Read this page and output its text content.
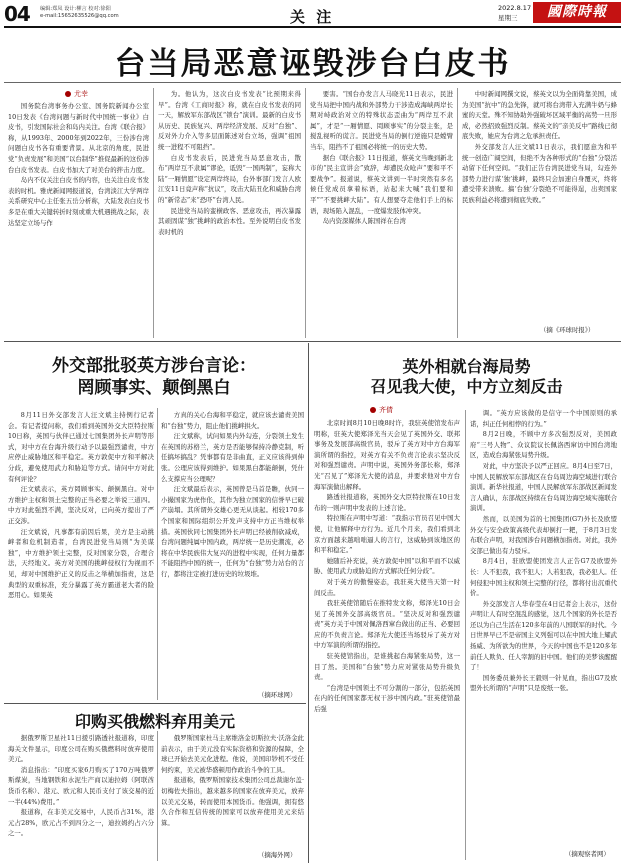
04 编辑:郑凤 设计:柳言 校对:徐阳
e-mail:15652635526@qq.com	关 注	2022.8.17
星期三	國際時報
台当局恶意诬毁涉台白皮书
尤幸

国务院台湾事务办公室、国务院新闻办公室10日发表《台湾问题与新时代中国统一事业》白皮书，引发国际社会和岛内关注。台湾《联合报》称，从1993年、2000年到2022年，三份涉台湾问题白皮书各有重要背景。从北京的角度，民进党“负责发展”和美国“以台制华”推促最新的这份涉台白皮书发表。白皮书加大了对美台的拌击力度。

岛内不仅关注白皮书的内容，也关注白皮书发表的时机。雅虎新闻网报道说，台湾淡江大学两岸关系研究中心主任张五岳分析称，大陆发表白皮书多是在重大关键转折时刻或重大机遇挑战之际，表达坚定立场与作

为。他认为，这次白皮书发表“比预期来得早”。台湾《工商时报》称，就在白皮书发表的同一天，解放军东部战区“锁台”演训。最新的白皮书从历史、民族复兴、两岸经济发展、反对“台独”、反对外力介入等多层面陈述对台立场，强调“祖国统一进程不可阻挡”。

白皮书发表后，民进党当局恶意攻击，散布“两岸互不隶属”谬论，诋毁“一国两制”，妄称大陆“一厢情愿”设定两岸终局，台外事部门发言人欧江安11日竟声称“抗议”，攻击大陆丑化和威胁台湾的“新常态”来“恐吓”台湾人民。

民进党当局的蛮横政客、恶意攻击，再次暴露其顽固谋“独”挑衅的政治本性。至外说明白皮书发表时机的

要害。“国台办发言人马晓光11日表示，民进党当局把中国内战和外部势力干涉造成海峡两岸长期对峙政治对立的特殊状态歪曲为“两岸互不隶属”，才是“一厢情愿、罔顾事实”的分裂主张，是搅乱视听的谎言。民进党当局的倒行逆施只是螳臂当车，阻挡不了祖国必将统一的历史大势。

据台《联合报》11日报道，蔡英文当晚到新北市的“民主宣讲会”致辞，却遭民众呛声“要和平不要战争”。报道说，蔡英文讲到一半时突然有多名候任党成员拿着标语，站起来大喊“我们要和平”“不要挑衅大陆”。有人想要夺走他们手上的标语，现场陷入混乱，一度爆发肢体冲突。

岛内资深媒体人陈国祥在台湾

中时新闻网撰文说，蔡英文以为全面倚靠美国，成为美国“抗中”的急先锋，就可将台湾带入充满牛奶与蜂蜜的天堂。殊不知协助外强破坏区域平衡的高势一旦形成，必然招致强烈反制。蔡英文的“亲美反中”路线已彻底失败，她应为台湾之危承担责任。

外交部发言人汪文斌11日表示，我们愿意为和平统一创造广阔空间，但绝不为各种形式的“台独”分裂活动留下任何空间。“我们正告台湾民进党当局，勾连外部势力进行谋‘独’挑衅，最终只会加速自身覆灭，终将遭受带来溃败。搞‘台独’分裂绝不可能得逞，出卖国家民族利益必将遭到彻底失败。”

（摘《环球时报》）
外交部批驳英方涉台言论：
罔顾事实、颠倒黑白

8月11日外交部发言人汪文斌主持例行记者会。有记者提问称，我们看到英国外交大臣特拉斯10日称，英国与伙伴已通过七国集团外长声明等形式，对中方在台海升级行动予以最强烈谴责，中方应停止威胁地区和平稳定。英方敦促中方和平解决分歧，避免使用武力和胁迫等方式。请问中方对此有何评论？

汪文斌表示，英方罔顾事实、颠倒黑白。对中方维护主权和领土完整的正当必要之举说三道四。中方对此强烈不满，坚决反对，已向英方提出了严正交涉。

汪文斌说，凡事都有前因后果，美方是主动挑衅者和危机制造者，台湾民进党当局则“为美谋独”，中方维护领土完整，反对国家分裂，合理合法，天经地义。英方对美国的挑衅侵权行为视而不见，却对中国维护正义的反击之举横加指责，这是典型的双重标准，充分暴露了英方霸道老大者的险恶用心。如果英

方真的关心台海和平稳定，就应该去谴责美国和“台独”势力，阻止他们挑衅拱火。

汪文斌称，试问如果内外勾连，分裂领土发生在英国的苏格兰，英方是否能够保持冷静克制，听任搞坏搞乱？凭事都有是非曲直，正义应该得到伸张。公理应该得到维护。如果黑白都能颠倒，凭什么支撑应当公理呢？

汪文斌最后表示，英国曾是马首是瞻，伙同一小撮国家为虎作伥，其作为独立国家的信誉早已破产崩塌。其所谓外交雄心更无从谈起。相较170多个国家和国际组织公开发声支持中方正当维权举措。英国伙同七国集团外长声明已经被削砍减成，台湾问题纯属中国内政，两岸统一是历史潮流，必将在中华民族伟大复兴的进程中实现，任何力量都不能阻挡中国的统一，任何为“台独”势力站台的言行，都将注定被打进历史的垃圾堆。

（摘环球网）
英外相就台海局势
召见我大使，中方立刻反击
齐倩

北京时间8月10日晚8时许，我驻英使馆发布声明称，驻英大使郑泽光当天会见了英国外交、联邦事务及发展部高级官员，驳斥了英方对中方台海军演所谓的指控，对英方有关不负责言论表示坚决反对和强烈谴责。声明中说，英国外务部长称，郑泽光“召见了”郑泽光大使的消息，并要求他对中方台海军演做出解释。

路透社报道称，英国外交大臣特拉斯在10日发布的一则声明中发表的上述言论。

特拉斯在声明中写道：“我指示官员召见中国大使，让他解释中方行为。近几个月来，我们看到北京方面越来越咄咄逼人的言行，这威胁到该地区的和平和稳定。”

她随后补充说，英方敦促中国“以和平而不以威胁、使用武力或胁迫的方式解决任何分歧”。

对于英方的傲慢姿态，我驻英大使当天第一时间反击。

我驻英使馆随后在推特发文称，郑泽光10日会见了英国外交部高级官员。“坚决反对和强烈谴责”英方关于中国对佩洛西窜台做出的正当、必要回应的不负责言论。郑泽光大使还当场驳斥了英方对中方军演的所谓的指控。

驻英使馆指出，是谁挑起台海紧张局势，这一目了然。美国和“台独”势力应对紧张局势升级负责。

“台湾是中国领土不可分割的一部分，包括英国在内的任何国家都无权干涉中国内政。”驻英使馆最后强

调。“英方应该做的是信守一个中国原则的承诺，纠正任何相悖的行为。”

8月2日晚，不顾中方多次强烈反对，美国政府“三号人物”、众议院议长佩洛西窜访中国台湾地区，造成台海紧张局势升级。

对此，中方坚决予以严正回应。8月4日至7日，中国人民解放军东部战区在台岛周边海空域进行联合演训。新华社报道，中国人民解放军东部战区新闻发言人确认，东部战区持续在台岛周边海空域实施联合演训。

然而，以美国为首的七国集团(G7)外长及欧盟外交与安全政策高级代表却倒打一耙，于8月3日发布联合声明，对我国涉台问题横加指责。对此，我外交部已做出有力驳斥。

8月4日，驻欧盟使团发言人正告G7及欧盟外长：人不犯我，我不犯人；人若犯我，我必犯人。任何侵犯中国主权和领土完整的行径，都将付出沉重代价。

外交部发言人华春莹在4日记者会上表示，这份声明让人有时空混乱的感觉，这几个国家的外长是否还以为自己生活在120多年前的八国联军的时代。今日世界早已不是帝国主义列强可以在中国大地上耀武扬威、为所欲为的世界，今天的中国也不是120多年前任人欺负、任人宰割的旧中国。他们的美梦该醒醒了！

国务委员兼外长王毅则一针见血，指出G7及欧盟外长所谓的“声明”只是废纸一张。

（摘观察者网）
印购买俄燃料弃用美元

据俄罗斯卫星社11日援引路透社报道称，印度海关文件显示，印度公司在购买俄燃料时放弃使用美元。

消息指出：“印度买家6月购买了170万吨俄罗斯煤炭，当地钢铁和水泥生产商以迪拉姆（阿联酋货币名称）、港元、欧元和人民币支付了该交易的近一半(44%)费用。”

报道称，在非美元交易中，人民币占31%，港元占28%，欧元占不到四分之一，迪拉姆约占六分之一。

俄罗斯国家杜马主席维洛金切斯拉夫·沃洛金此前表示，由于美元没有实际资格和资源的保障，全球已开始去美元化进程。他说，美国印钞机不受任何约束，美元被华盛顿用作政治斗争的工具。

报道称，俄罗斯国家技术集团公司总裁谢尔盖·切梅佐夫指出，越来越多的国家在放弃美元，放弃以美元交易，转而使用本国货币。他强调，拥有悠久合作和互信传统的国家可以放弃使用美元来结算。

（摘海外网）
